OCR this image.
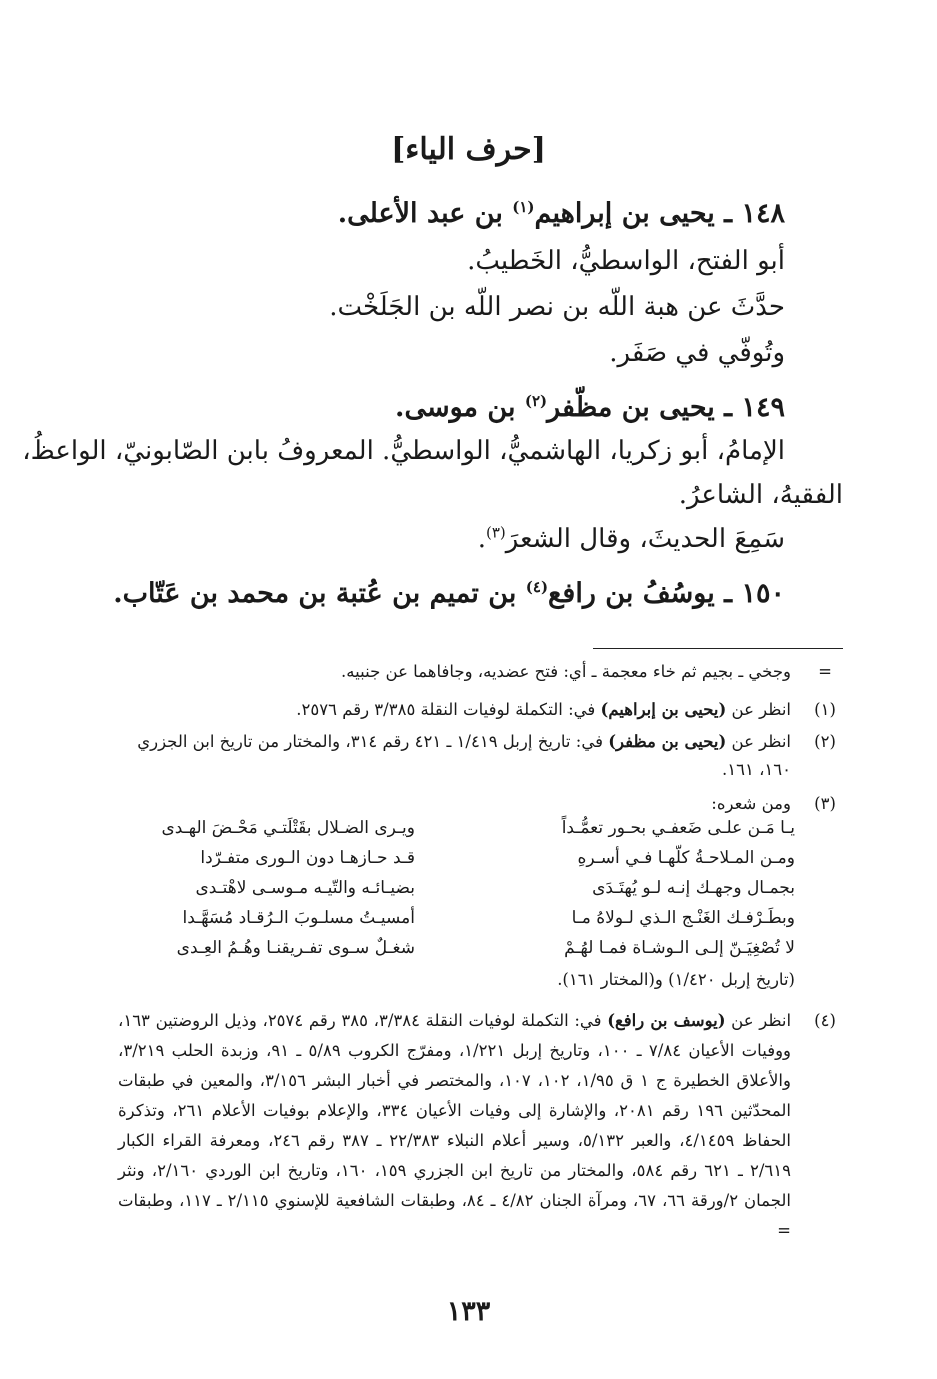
[حرف الياء]
١٤٨ ـ يحيى بن إبراهيم$^{(١)}$ بن عبد الأعلى.
أبو الفتح، الواسطيُّ، الخَطيبُ.
حدَّثَ عن هبة اللّه بن نصر اللّه بن الجَلَخْت.
وتُوفّي في صَفَر.
١٤٩ ـ يحيى بن مظّفر$^{(٢)}$ بن موسى.
الإمامُ، أبو زكريا، الهاشميُّ، الواسطيُّ. المعروفُ بابن الصّابونيّ، الواعظُ،
الفقيهُ، الشاعرُ.
سَمِعَ الحديثَ، وقال الشعرَ$^{(٣)}$.
١٥٠ ـ يوسُفُ بن رافع$^{(٤)}$ بن تميم بن عُتبة بن محمد بن عَتّاب.
=
وجخي ـ بجيم ثم خاء معجمة ـ أي: فتح عضديه، وجافاهما عن جنبيه.
(١)
انظر عن (يحيى بن إبراهيم) في: التكملة لوفيات النقلة ٣/٣٨٥ رقم ٢٥٧٦.
(٢)
انظر عن (يحيى بن مظفر) في: تاريخ إربل ١/٤١٩ ـ ٤٢١ رقم ٣١٤، والمختار من تاريخ ابن الجزري ١٦٠، ١٦١.
(٣)
ومن شعره:
يـا مَـن علـى ضَعفـي بحـور تعمُّـداً
ويـرى الضـلال بقَتْلَتـي مَحْـضَ الهـدى
ومـن المـلاحـةُ كلّهـا فـي أسـرهِ
قـد حـازهـا دون الـورى متفـرّدا
بجمـال وجهـك إنـه لـو يُهتَـدَى
بضيـائـه والتّيـه مـوسـى لاهْتـدى
وبطَـرْفـك الغَنْـج الـذي لـولاهُ مـا
أمسيـتُ مسلـوبَ الـرُقـاد مُسَهَّـدا
لا تُصْغِيَـنّ إلـى الـوشـاة فمـا لهُـمْ
شغـلٌ سـوى تفـريقنـا وهُـمُ العِـدى
(تاريخ إربل ١/٤٢٠) و(المختار ١٦١).
(٤)
انظر عن (يوسف بن رافع) في: التكملة لوفيات النقلة ٣/٣٨٤، ٣٨٥ رقم ٢٥٧٤، وذيل الروضتين ١٦٣، ووفيات الأعيان ٧/٨٤ ـ ١٠٠، وتاريخ إربل ١/٢٢١، ومفرّج الكروب ٥/٨٩ ـ ٩١، وزبدة الحلب ٣/٢١٩، والأعلاق الخطيرة ج ١ ق ١/٩٥، ١٠٢، ١٠٧، والمختصر في أخبار البشر ٣/١٥٦، والمعين في طبقات المحدّثين ١٩٦ رقم ٢٠٨١، والإشارة إلى وفيات الأعيان ٣٣٤، والإعلام بوفيات الأعلام ٢٦١، وتذكرة الحفاظ ٤/١٤٥٩، والعبر ٥/١٣٢، وسير أعلام النبلاء ٢٢/٣٨٣ ـ ٣٨٧ رقم ٢٤٦، ومعرفة القراء الكبار ٢/٦١٩ ـ ٦٢١ رقم ٥٨٤، والمختار من تاريخ ابن الجزري ١٥٩، ١٦٠، وتاريخ ابن الوردي ٢/١٦٠، ونثر الجمان ٢/ورقة ٦٦، ٦٧، ومرآة الجنان ٤/٨٢ ـ ٨٤، وطبقات الشافعية للإسنوي ٢/١١٥ ـ ١١٧، وطبقات =
١٣٣
